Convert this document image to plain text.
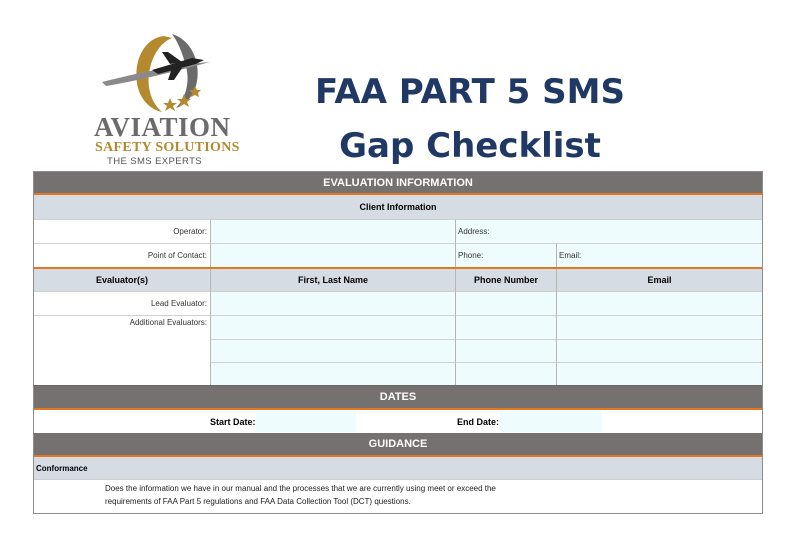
AVIATION
SAFETY SOLUTIONS
THE SMS EXPERTS
FAA PART 5 SMS
Gap Checklist
EVALUATION INFORMATION
Client Information
Operator:	Address:
Point of Contact:	Phone:	Email:
Evaluator(s)	First, Last Name	Phone Number	Email
Lead Evaluator:
Additional Evaluators:
DATES
Start Date:	End Date:
GUIDANCE
Conformance
Does the information we have in our manual and the processes that we are currently using meet or exceed the
requirements of FAA Part 5 regulations and FAA Data Collection Tool (DCT) questions.
